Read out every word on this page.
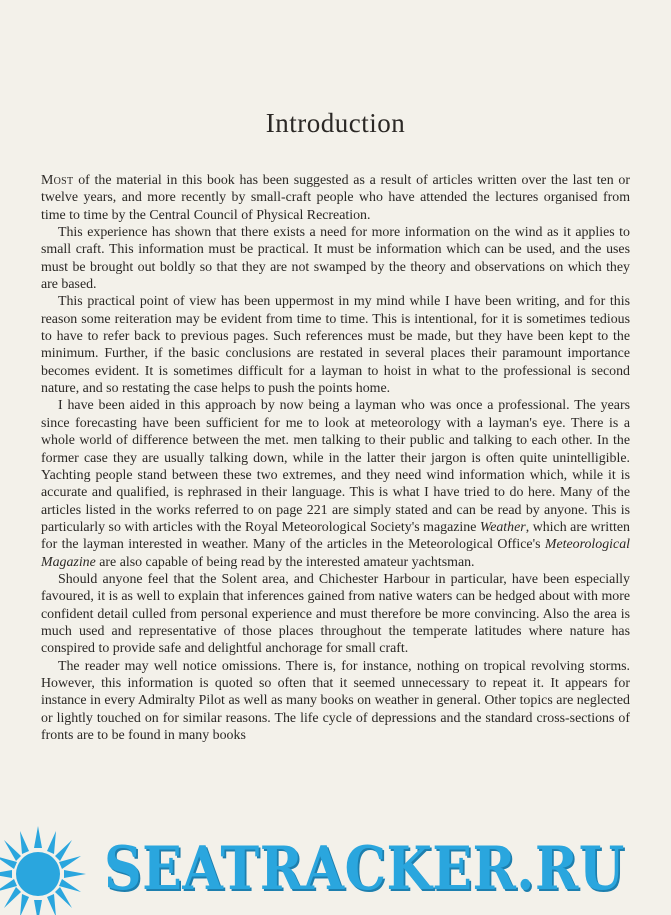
Introduction

Most of the material in this book has been suggested as a result of articles written over the last ten or twelve years, and more recently by small-craft people who have attended the lectures organised from time to time by the Central Council of Physical Recreation.

This experience has shown that there exists a need for more information on the wind as it applies to small craft. This information must be practical. It must be information which can be used, and the uses must be brought out boldly so that they are not swamped by the theory and observations on which they are based.

This practical point of view has been uppermost in my mind while I have been writing, and for this reason some reiteration may be evident from time to time. This is intentional, for it is sometimes tedious to have to refer back to previous pages. Such references must be made, but they have been kept to the minimum. Further, if the basic conclusions are restated in several places their paramount importance becomes evident. It is sometimes difficult for a layman to hoist in what to the professional is second nature, and so restating the case helps to push the points home.

I have been aided in this approach by now being a layman who was once a professional. The years since forecasting have been sufficient for me to look at meteorology with a layman's eye. There is a whole world of difference between the met. men talking to their public and talking to each other. In the former case they are usually talking down, while in the latter their jargon is often quite unintelligible. Yachting people stand between these two extremes, and they need wind information which, while it is accurate and qualified, is rephrased in their language. This is what I have tried to do here. Many of the articles listed in the works referred to on page 221 are simply stated and can be read by anyone. This is particularly so with articles with the Royal Meteorological Society's magazine Weather, which are written for the layman interested in weather. Many of the articles in the Meteorological Office's Meteorological Magazine are also capable of being read by the interested amateur yachtsman.

Should anyone feel that the Solent area, and Chichester Harbour in particular, have been especially favoured, it is as well to explain that inferences gained from native waters can be hedged about with more confident detail culled from personal experience and must therefore be more convincing. Also the area is much used and representative of those places throughout the temperate latitudes where nature has conspired to provide safe and delightful anchorage for small craft.

The reader may well notice omissions. There is, for instance, nothing on tropical revolving storms. However, this information is quoted so often that it seemed unnecessary to repeat it. It appears for instance in every Admiralty Pilot as well as many books on weather in general. Other topics are neglected or lightly touched on for similar reasons. The life cycle of depressions and the standard cross-sections of fronts are to be found in many books

SEATRACKER.RU
